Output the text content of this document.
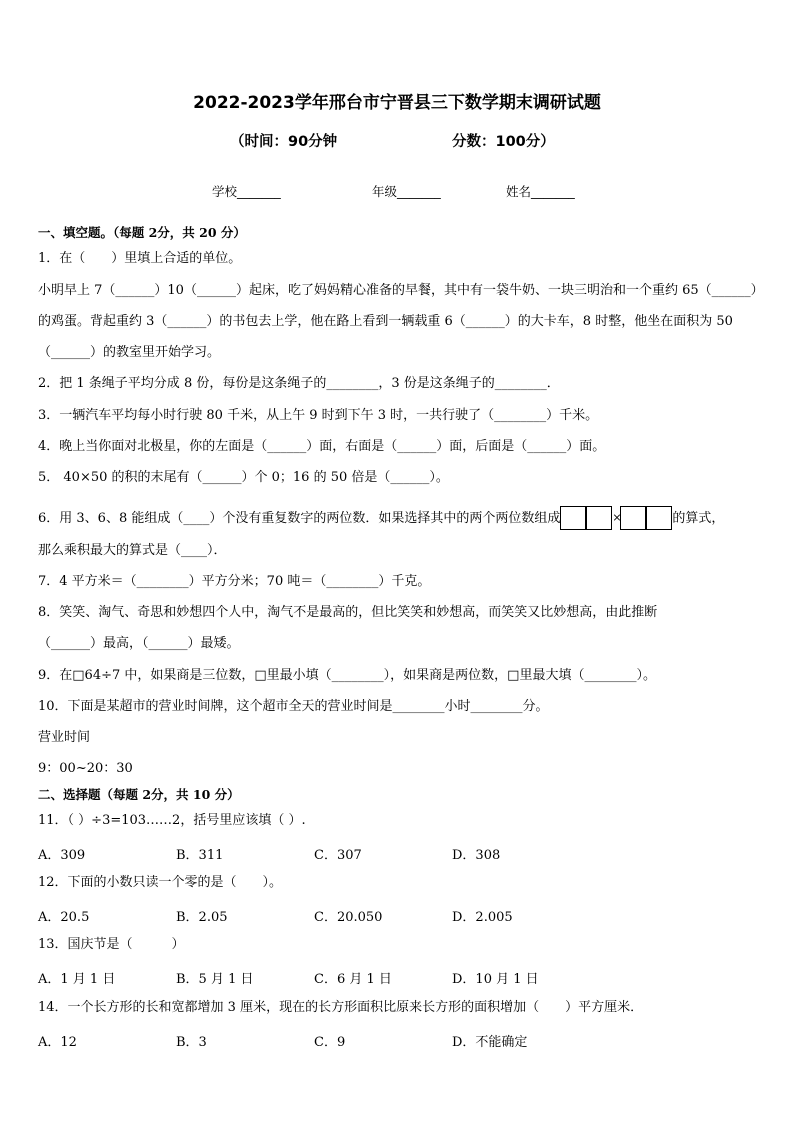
2022-2023学年邢台市宁晋县三下数学期末调研试题
（时间：90分钟	分数：100分）
学校_______	年级_______	姓名_______
一、填空题。（每题 2分，共 20 分）
1．在（　　）里填上合适的单位。
小明早上 7（______）10（______）起床，吃了妈妈精心准备的早餐，其中有一袋牛奶、一块三明治和一个重约 65（______）
的鸡蛋。背起重约 3（______）的书包去上学，他在路上看到一辆载重 6（______）的大卡车，8 时整，他坐在面积为 50
（______）的教室里开始学习。
2．把 1 条绳子平均分成 8 份，每份是这条绳子的________，3 份是这条绳子的________．
3．一辆汽车平均每小时行驶 80 千米，从上午 9 时到下午 3 时，一共行驶了（________）千米。
4．晚上当你面对北极星，你的左面是（______）面，右面是（______）面，后面是（______）面。
5． 40×50 的积的末尾有（______）个 0；16 的 50 倍是（______）。
6．用 3、6、8 能组成（____）个没有重复数字的两位数．如果选择其中的两个两位数组成	×	的算式，
那么乘积最大的算式是（____）．
7．4 平方米＝（________）平方分米；70 吨＝（________）千克。
8．笑笑、淘气、奇思和妙想四个人中，淘气不是最高的，但比笑笑和妙想高，而笑笑又比妙想高，由此推断
（______）最高，（______）最矮。
9．在□64÷7 中，如果商是三位数，□里最小填（________），如果商是两位数，□里最大填（________）。
10．下面是某超市的营业时间牌，这个超市全天的营业时间是________小时________分。
营业时间
9：00~20：30
二、选择题（每题 2分，共 10 分）
11．（ ）÷3=103……2，括号里应该填（ ）.
A．309	B．311	C．307	D．308
12．下面的小数只读一个零的是（　　）。
A．20.5	B．2.05	C．20.050	D．2.005
13．国庆节是（　　　）
A．1 月 1 日	B．5 月 1 日	C．6 月 1 日	D．10 月 1 日
14．一个长方形的长和宽都增加 3 厘米，现在的长方形面积比原来长方形的面积增加（　　）平方厘米．
A．12	B．3	C．9	D．不能确定
